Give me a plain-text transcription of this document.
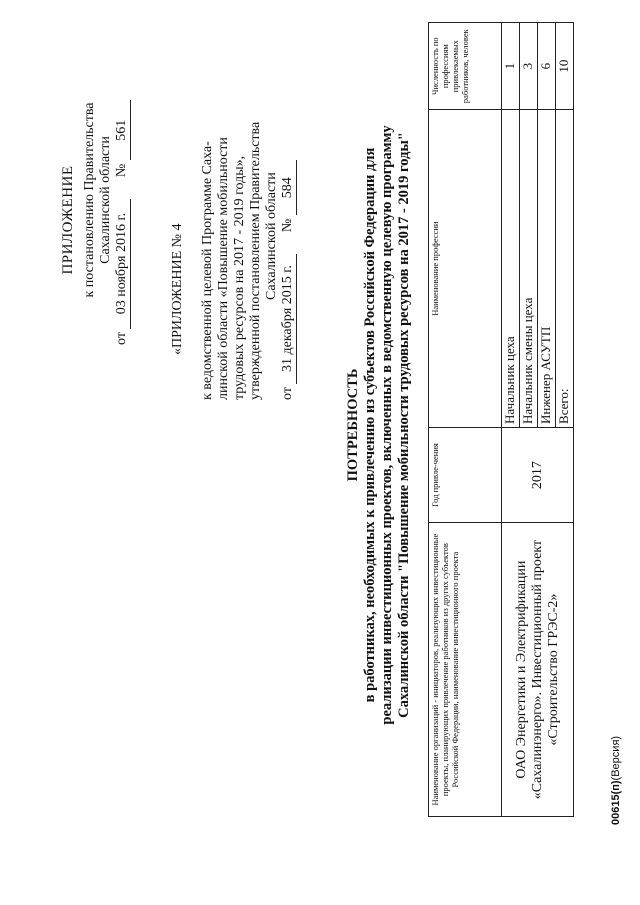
ПРИЛОЖЕНИЕ к постановлению Правительства Сахалинской области
от 03 ноября 2016 г. № 561
«ПРИЛОЖЕНИЕ № 4 к ведомственной целевой Программе Саха- линской области «Повышение мобильности трудовых ресурсов на 2017 - 2019 годы», утвержденной постановлением Правительства Сахалинской области
от 31 декабря 2015 г. № 584
ПОТРЕБНОСТЬ в работниках, необходимых к привлечению из субъектов Российской Федерации для реализации инвестиционных проектов, включенных в ведомственную целевую программу Сахалинской области "Повышение мобильности трудовых ресурсов на 2017 - 2019 годы" Наименование организаций - инициаторов, реализующих инвестиционные проекты, планирующих привлечение работников из других субъектов Российской Федерации, наименование инвестиционного проекта	Год привле-чения	Наименование профессии	Численность по профессиям привлекаемых работников, человек
ОАО Энергетики и Электрификации «Сахалинэнерго». Инвестиционный проект «Строительство ГРЭС-2»	2017	Начальник цеха	1
		Начальник смены цеха	3
		Инженер АСУТП	6
		Всего:	10
00615(п)(Версия)
